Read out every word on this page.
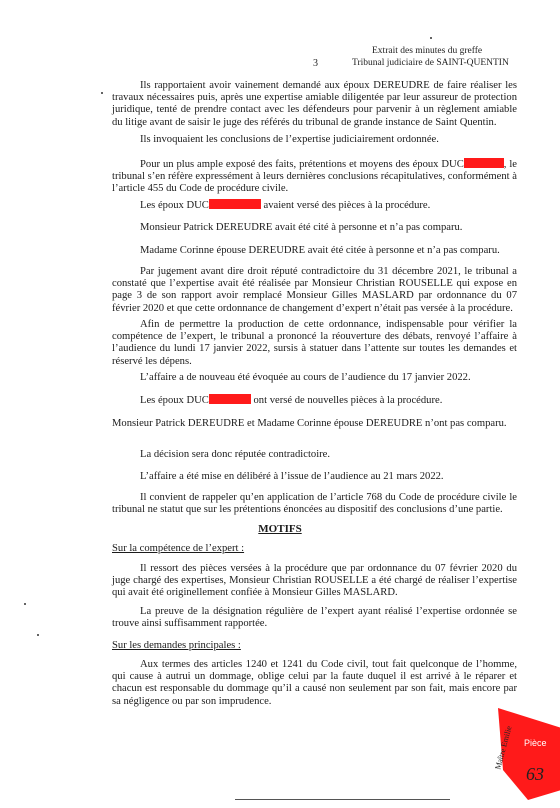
Extrait des minutes du greffe
3	Tribunal judiciaire de SAINT-QUENTIN

Ils rapportaient avoir vainement demandé aux époux DEREUDRE de faire réaliser les travaux nécessaires puis, après une expertise amiable diligentée par leur assureur de protection juridique, tenté de prendre contact avec les défendeurs pour parvenir à un règlement amiable du litige avant de saisir le juge des référés du tribunal de grande instance de Saint Quentin.

Ils invoquaient les conclusions de l’expertise judiciairement ordonnée.

Pour un plus ample exposé des faits, prétentions et moyens des époux DUC	, le tribunal s’en réfère expressément à leurs dernières conclusions récapitulatives, conformément à l’article 455 du Code de procédure civile.

Les époux DUC	avaient versé des pièces à la procédure.

Monsieur Patrick DEREUDRE avait été cité à personne et n’a pas comparu.

Madame Corinne épouse DEREUDRE avait été citée à personne et n’a pas comparu.

Par jugement avant dire droit réputé contradictoire du 31 décembre 2021, le tribunal a constaté que l’expertise avait été réalisée par Monsieur Christian ROUSELLE qui expose en page 3 de son rapport avoir remplacé Monsieur Gilles MASLARD par ordonnance du 07 février 2020 et que cette ordonnance de changement d’expert n’était pas versée à la procédure.

Afin de permettre la production de cette ordonnance, indispensable pour vérifier la compétence de l’expert, le tribunal a prononcé la réouverture des débats, renvoyé l’affaire à l’audience du lundi 17 janvier 2022, sursis à statuer dans l’attente sur toutes les demandes et réservé les dépens.

L’affaire a de nouveau été évoquée au cours de l’audience du 17 janvier 2022.

Les époux DUC	ont versé de nouvelles pièces à la procédure.

Monsieur Patrick DEREUDRE et Madame Corinne épouse DEREUDRE n’ont pas comparu.

La décision sera donc réputée contradictoire.

L’affaire a été mise en délibéré à l’issue de l’audience au 21 mars 2022.

Il convient de rappeler qu’en application de l’article 768 du Code de procédure civile le tribunal ne statut que sur les prétentions énoncées au dispositif des conclusions d’une partie.

MOTIFS
Sur la compétence de l’expert :

Il ressort des pièces versées à la procédure que par ordonnance du 07 février 2020 du juge chargé des expertises, Monsieur Christian ROUSELLE a été chargé de réaliser l’expertise qui avait été originellement confiée à Monsieur Gilles MASLARD.

La preuve de la désignation régulière de l’expert ayant réalisé l’expertise ordonnée se trouve ainsi suffisamment rapportée.

Sur les demandes principales :

Aux termes des articles 1240 et 1241 du Code civil, tout fait quelconque de l’homme, qui cause à autrui un dommage, oblige celui par la faute duquel il est arrivé à le réparer et chacun est responsable du dommage qu’il a causé non seulement par son fait, mais encore par sa négligence ou par son imprudence.

Maître Emilie Pièce
63
